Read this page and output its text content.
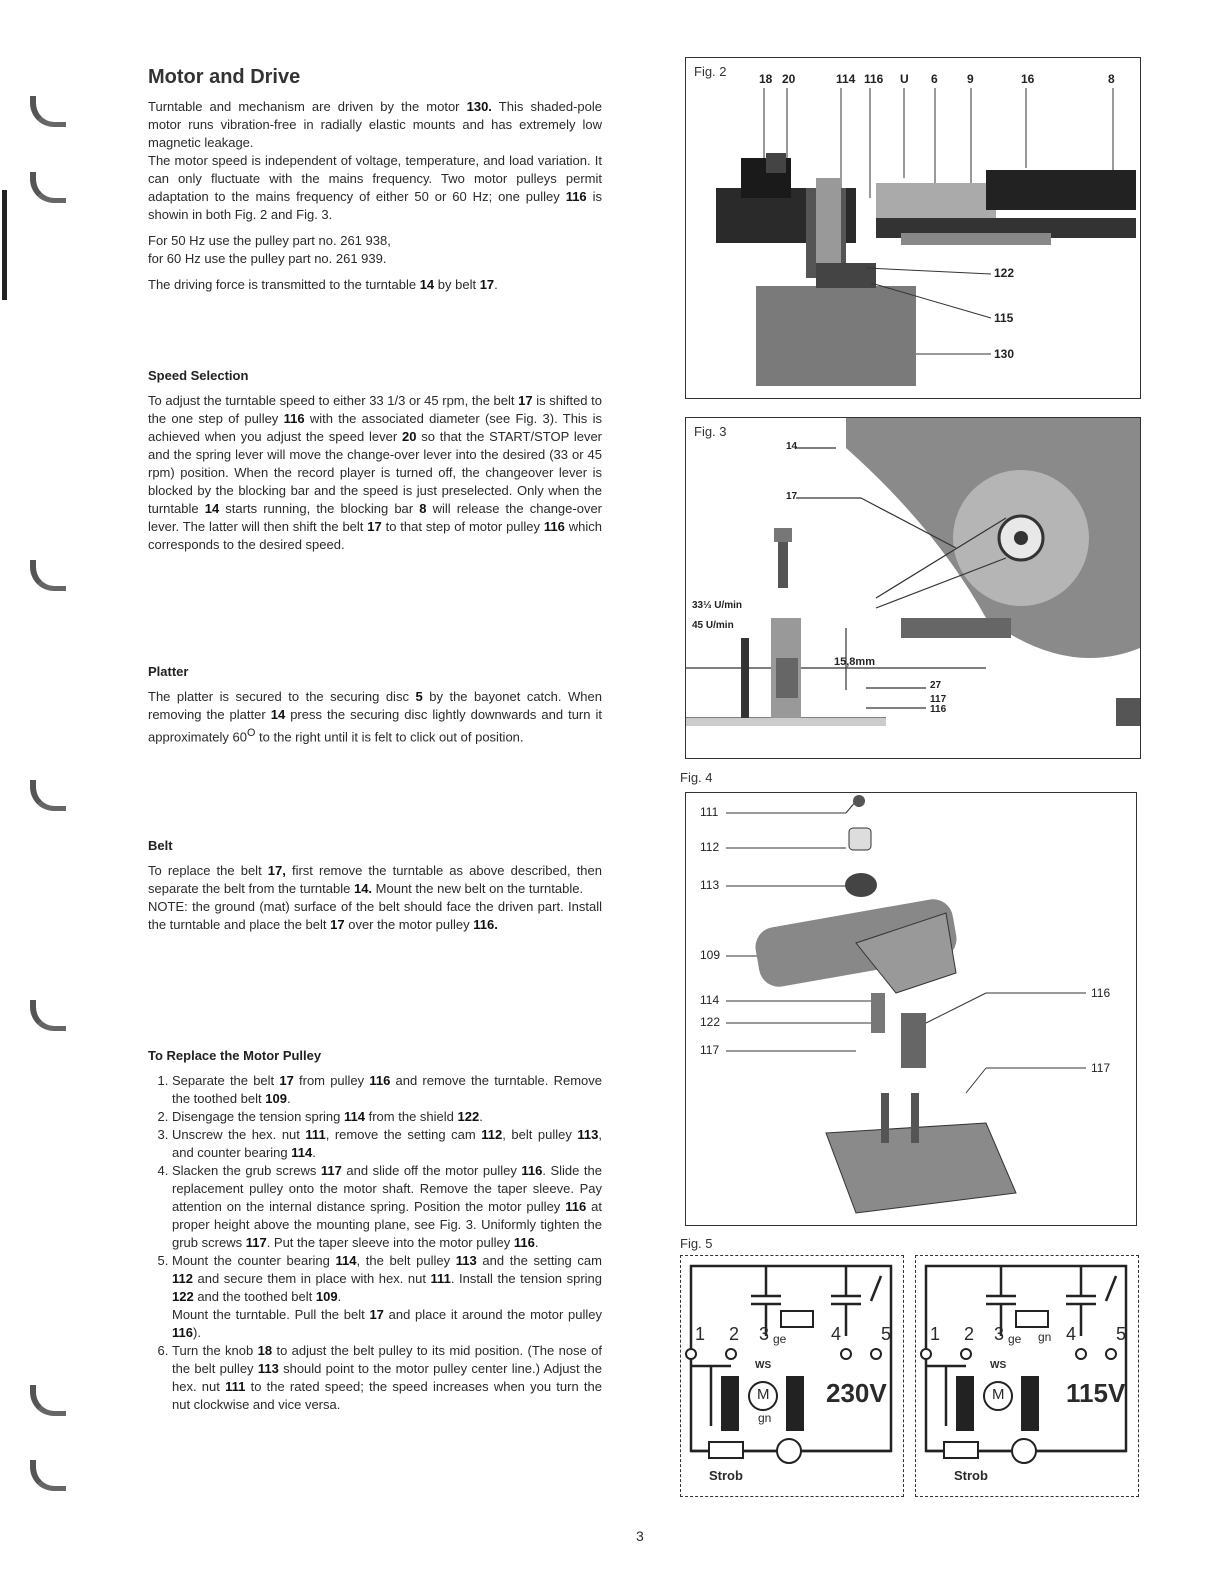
Motor and Drive

Turntable and mechanism are driven by the motor 130. This shaded-pole motor runs vibration-free in radially elastic mounts and has extremely low magnetic leakage.

The motor speed is independent of voltage, temperature, and load variation. It can only fluctuate with the mains frequency. Two motor pulleys permit adaptation to the mains frequency of either 50 or 60 Hz; one pulley 116 is showin in both Fig. 2 and Fig. 3.

For 50 Hz use the pulley part no. 261 938,

for 60 Hz use the pulley part no. 261 939.

The driving force is transmitted to the turntable 14 by belt 17.

Speed Selection

To adjust the turntable speed to either 33 1/3 or 45 rpm, the belt 17 is shifted to the one step of pulley 116 with the associated diameter (see Fig. 3). This is achieved when you adjust the speed lever 20 so that the START/STOP lever and the spring lever will move the change-over lever into the desired (33 or 45 rpm) position. When the record player is turned off, the changeover lever is blocked by the blocking bar and the speed is just preselected. Only when the turntable 14 starts running, the blocking bar 8 will release the change-over lever. The latter will then shift the belt 17 to that step of motor pulley 116 which corresponds to the desired speed.

Platter

The platter is secured to the securing disc 5 by the bayonet catch. When removing the platter 14 press the securing disc lightly downwards and turn it approximately $60^O$ to the right until it is felt to click out of position.

Belt

To replace the belt 17, first remove the turntable as above described, then separate the belt from the turntable 14. Mount the new belt on the turntable.

NOTE: the ground (mat) surface of the belt should face the driven part. Install the turntable and place the belt 17 over the motor pulley 116.

To Replace the Motor Pulley
1. Separate the belt 17 from pulley 116 and remove the turntable. Remove the toothed belt 109.
2. Disengage the tension spring 114 from the shield 122.
3. Unscrew the hex. nut 111, remove the setting cam 112, belt pulley 113, and counter bearing 114.
4. Slacken the grub screws 117 and slide off the motor pulley 116. Slide the replacement pulley onto the motor shaft. Remove the taper sleeve. Pay attention on the internal distance spring. Position the motor pulley 116 at proper height above the mounting plane, see Fig. 3. Uniformly tighten the grub screws 117. Put the taper sleeve into the motor pulley 116.
5. Mount the counter bearing 114, the belt pulley 113 and the setting cam 112 and secure them in place with hex. nut 111. Install the tension spring 122 and the toothed belt 109.
Mount the turntable. Pull the belt 17 and place it around the motor pulley 116).
6. Turn the knob 18 to adjust the belt pulley to its mid position. (The nose of the belt pulley 113 should point to the motor pulley center line.) Adjust the hex. nut 111 to the rated speed; the speed increases when you turn the nut clockwise and vice versa.
Fig. 2	18 20	114 116 U 6 9	16	8
122
115
130
Fig. 3
14
17
33⅓ U/min
45 U/min
15,8mm
27
117
116
Fig. 4
111
112
113
109
114
122
117
116
117
Fig. 5
1 2 3 ge 4 5
WS
M
gn
230V
Strob
1 2 3 ge gn 4 5
WS
M 115V
Strob
3
